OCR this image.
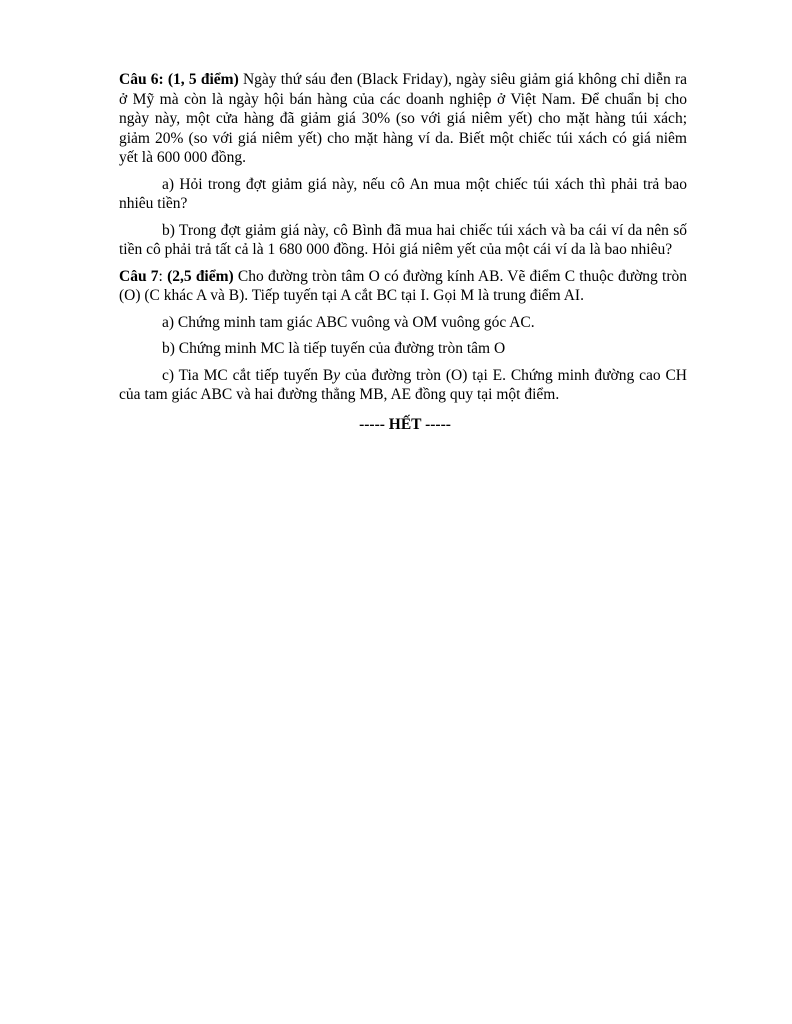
Câu 6: (1, 5 điểm) Ngày thứ sáu đen (Black Friday), ngày siêu giảm giá không chỉ diễn ra ở Mỹ mà còn là ngày hội bán hàng của các doanh nghiệp ở Việt Nam. Để chuẩn bị cho ngày này, một cửa hàng đã giảm giá 30% (so với giá niêm yết) cho mặt hàng túi xách; giảm 20% (so với giá niêm yết) cho mặt hàng ví da. Biết một chiếc túi xách có giá niêm yết là 600 000 đồng.

a) Hỏi trong đợt giảm giá này, nếu cô An mua một chiếc túi xách thì phải trả bao nhiêu tiền?

b) Trong đợt giảm giá này, cô Bình đã mua hai chiếc túi xách và ba cái ví da nên số tiền cô phải trả tất cả là 1 680 000 đồng. Hỏi giá niêm yết của một cái ví da là bao nhiêu?

Câu 7: (2,5 điểm) Cho đường tròn tâm O có đường kính AB. Vẽ điểm C thuộc đường tròn (O) (C khác A và B). Tiếp tuyến tại A cắt BC tại I. Gọi M là trung điểm AI.

a) Chứng minh tam giác ABC vuông và OM vuông góc AC.

b) Chứng minh MC là tiếp tuyến của đường tròn tâm O

c) Tia MC cắt tiếp tuyến By của đường tròn (O) tại E. Chứng minh đường cao CH của tam giác ABC và hai đường thẳng MB, AE đồng quy tại một điểm.

----- HẾT -----
